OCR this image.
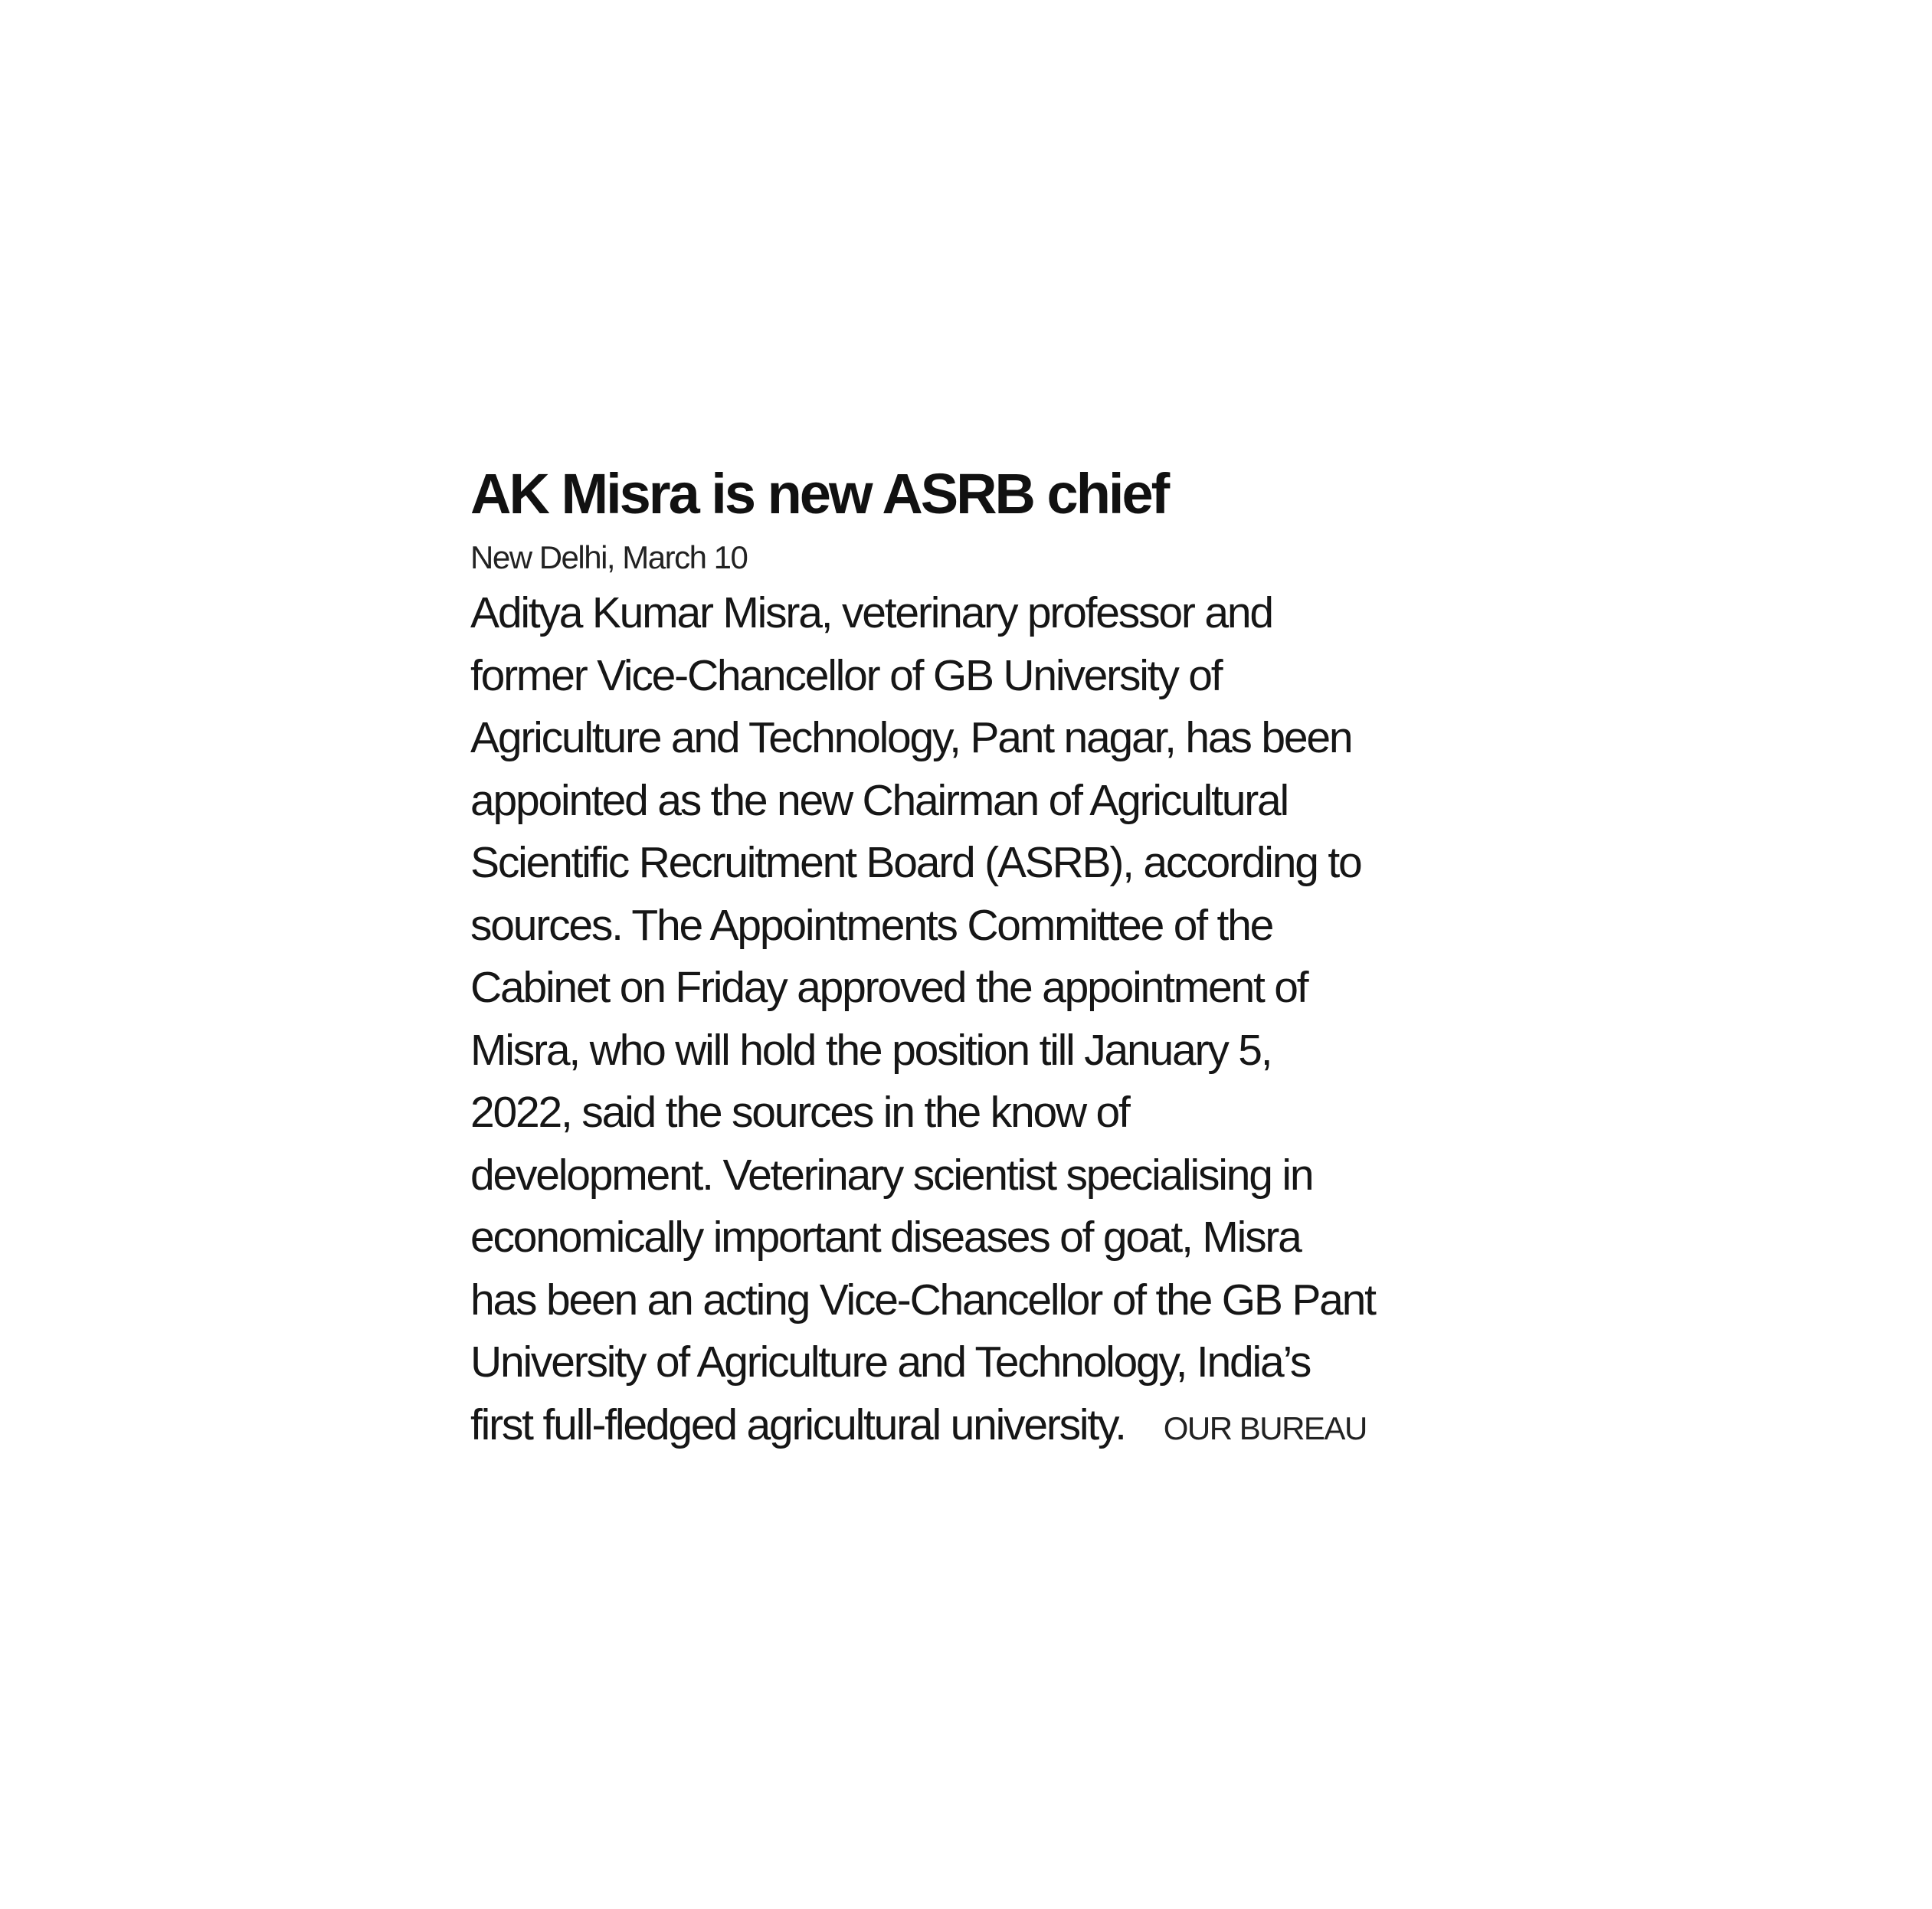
AK Misra is new ASRB chief
New Delhi, March 10
Aditya Kumar Misra, veterinary professor and
former Vice-Chancellor of GB University of
Agriculture and Technology, Pant nagar, has been
appointed as the new Chairman of Agricultural
Scientific Recruitment Board (ASRB), according to
sources. The Appointments Committee of the
Cabinet on Friday approved the appointment of
Misra, who will hold the position till January 5,
2022, said the sources in the know of
development. Veterinary scientist specialising in
economically important diseases of goat, Misra
has been an acting Vice-Chancellor of the GB Pant
University of Agriculture and Technology, India’s
first full-fledged agricultural university. OUR BUREAU
